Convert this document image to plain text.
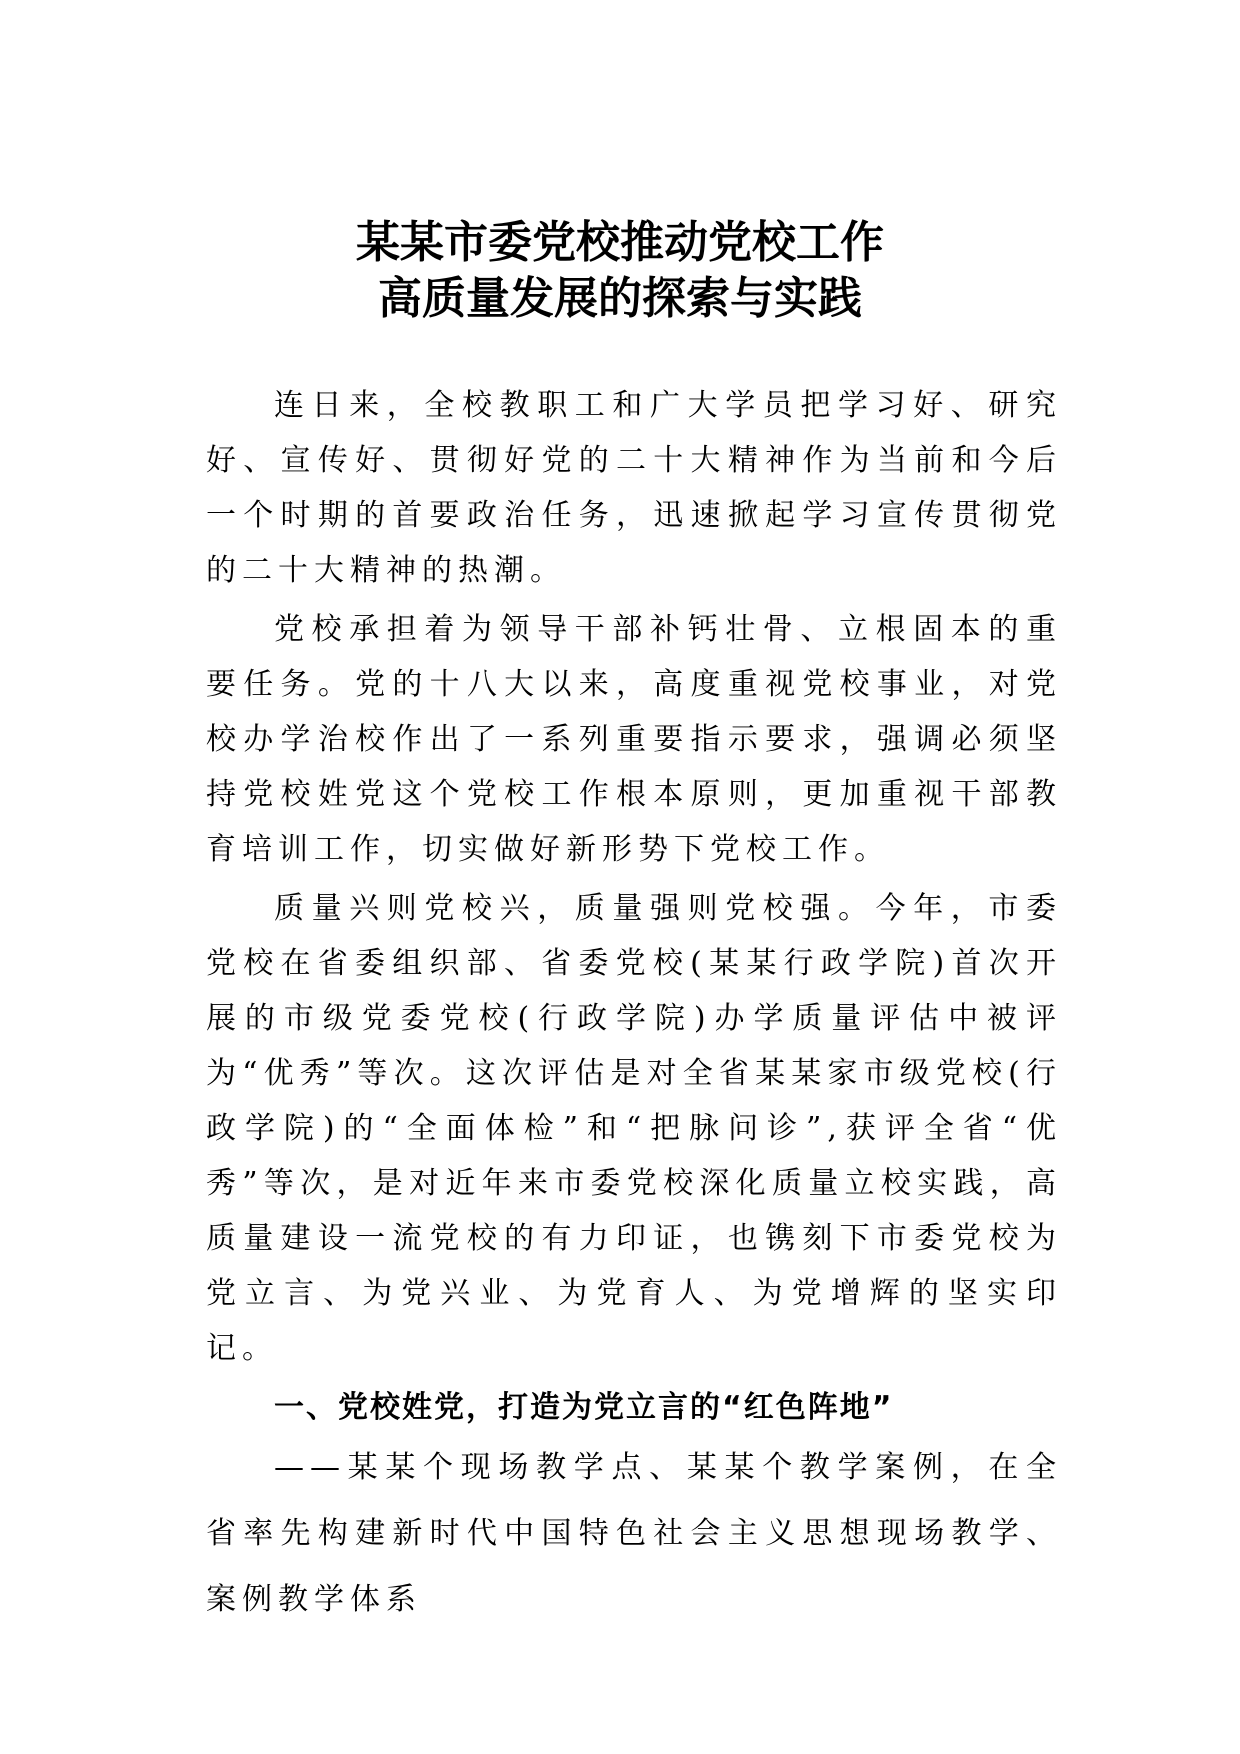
某某市委党校推动党校工作
高质量发展的探索与实践

连日来，全校教职工和广大学员把学习好、研究好、宣传好、贯彻好党的二十大精神作为当前和今后一个时期的首要政治任务，迅速掀起学习宣传贯彻党的二十大精神的热潮。

党校承担着为领导干部补钙壮骨、立根固本的重要任务。党的十八大以来，高度重视党校事业，对党校办学治校作出了一系列重要指示要求，强调必须坚持党校姓党这个党校工作根本原则，更加重视干部教育培训工作，切实做好新形势下党校工作。

质量兴则党校兴，质量强则党校强。今年，市委党校在省委组织部、省委党校(某某行政学院)首次开展的市级党委党校(行政学院)办学质量评估中被评为“优秀”等次。这次评估是对全省某某家市级党校(行政学院)的“全面体检”和“把脉问诊”,获评全省“优秀”等次，是对近年来市委党校深化质量立校实践，高质量建设一流党校的有力印证，也镌刻下市委党校为党立言、为党兴业、为党育人、为党增辉的坚实印记。

一、党校姓党，打造为党立言的“红色阵地”

——某某个现场教学点、某某个教学案例，在全省率先构建新时代中国特色社会主义思想现场教学、案例教学体系
